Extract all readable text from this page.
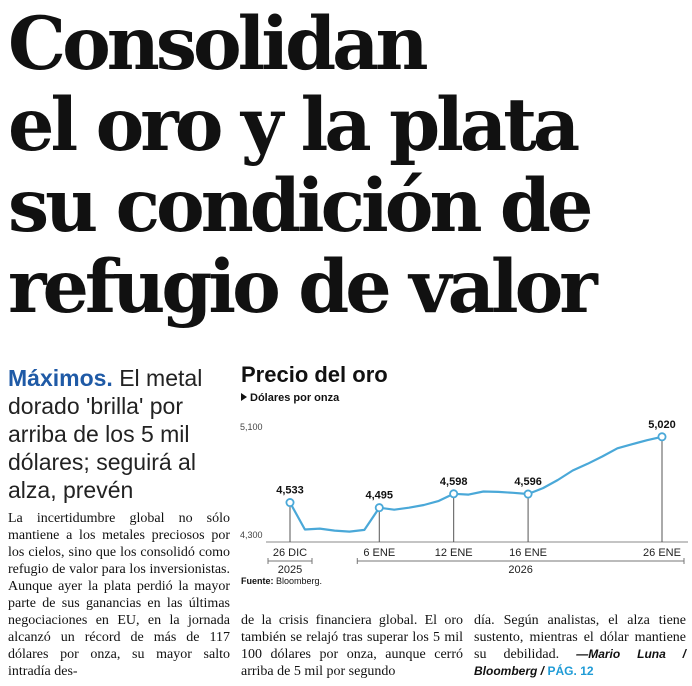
Consolidan
el oro y la plata
su condición de
refugio de valor
Máximos. El metal dorado 'brilla' por arriba de los 5 mil dólares; seguirá al alza, prevén
La incertidumbre global no sólo mantiene a los metales preciosos por los cielos, sino que los consolidó como refugio de valor para los inversionistas. Aunque ayer la plata perdió la mayor parte de sus ganancias en las últimas negociaciones en EU, en la jornada alcanzó un récord de más de 117 dólares por onza, su mayor salto intradía des-
de la crisis financiera global. El oro también se relajó tras superar los 5 mil 100 dólares por onza, aunque cerró arriba de 5 mil por segundo
día. Según analistas, el alza tiene sustento, mientras el dólar mantiene su debilidad. —Mario Luna / Bloomberg / PÁG. 12
Precio del oro
Dólares por onza
5,100
4,300
4,533	4,495
4,598	4,596
5,020
26 DIC	6 ENE	12 ENE	16 ENE	26 ENE
2025	2026
Fuente: Bloomberg.
